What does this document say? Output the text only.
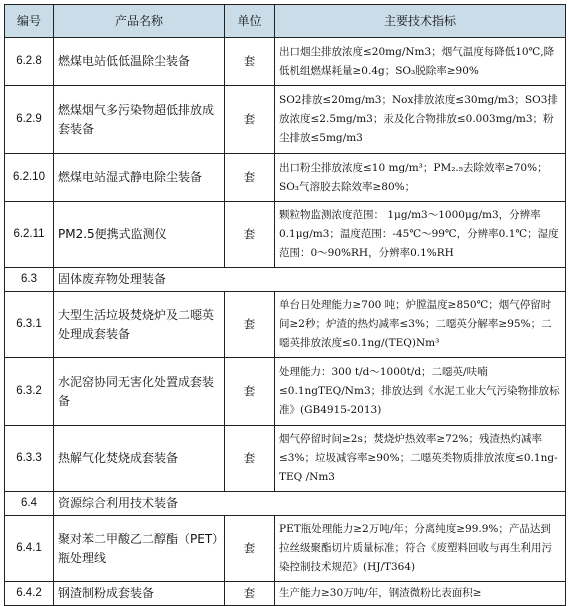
编号	产品名称	单位	主要技术指标
6.2.8	燃煤电站低低温除尘装备	套	出口烟尘排放浓度≤20mg/Nm3；烟气温度每降低10℃,降低机组燃煤耗量≥0.4g；SO₃脱除率≥90%
6.2.9	燃煤烟气多污染物超低排放成套装备	套	SO2排放≤20mg/m3；Nox排放浓度≤30mg/m3；SO3排放浓度≤2.5mg/m3；汞及化合物排放≤0.003mg/m3；粉尘排放≤5mg/m3
6.2.10	燃煤电站湿式静电除尘装备	套	出口粉尘排放浓度≤10 mg/m³；PM₂.₅去除效率≥70%；SO₃气溶胶去除效率≥80%；
6.2.11	PM2.5便携式监测仪	套	颗粒物监测浓度范围： 1μg/m3～1000μg/m3，分辨率0.1μg/m3；温度范围：-45℃～99℃，分辨率0.1℃；湿度范围：0～90%RH，分辨率0.1%RH
6.3	固体废弃物处理装备		
6.3.1	大型生活垃圾焚烧炉及二噁英处理成套装备	套	单台日处理能力≥700 吨；炉膛温度≥850℃；烟气停留时间≥2秒；炉渣的热灼减率≤3%；二噁英分解率≥95%；二噁英排放浓度≤0.1ng/(TEQ)Nm³
6.3.2	水泥窑协同无害化处置成套装备	套	处理能力：300 t/d～1000t/d；二噁英/呋喃 ≤0.1ngTEQ/Nm3；排放达到《水泥工业大气污染物排放标准》(GB4915-2013)
6.3.3	热解气化焚烧成套装备	套	烟气停留时间≥2s；焚烧炉热效率≥72%；残渣热灼减率≤3%；垃圾减容率≥90%；二噁英类物质排放浓度≤0.1ng-TEQ /Nm3
6.4	资源综合利用技术装备		
6.4.1	聚对苯二甲酸乙二醇酯（PET）瓶处理线	套	PET瓶处理能力≥2万吨/年；分离纯度≥99.9%；产品达到拉丝级聚酯切片质量标准；符合《废塑料回收与再生利用污染控制技术规范》(HJ/T364)
6.4.2	钢渣制粉成套装备	套	生产能力≥30万吨/年，钢渣微粉比表面积≥
